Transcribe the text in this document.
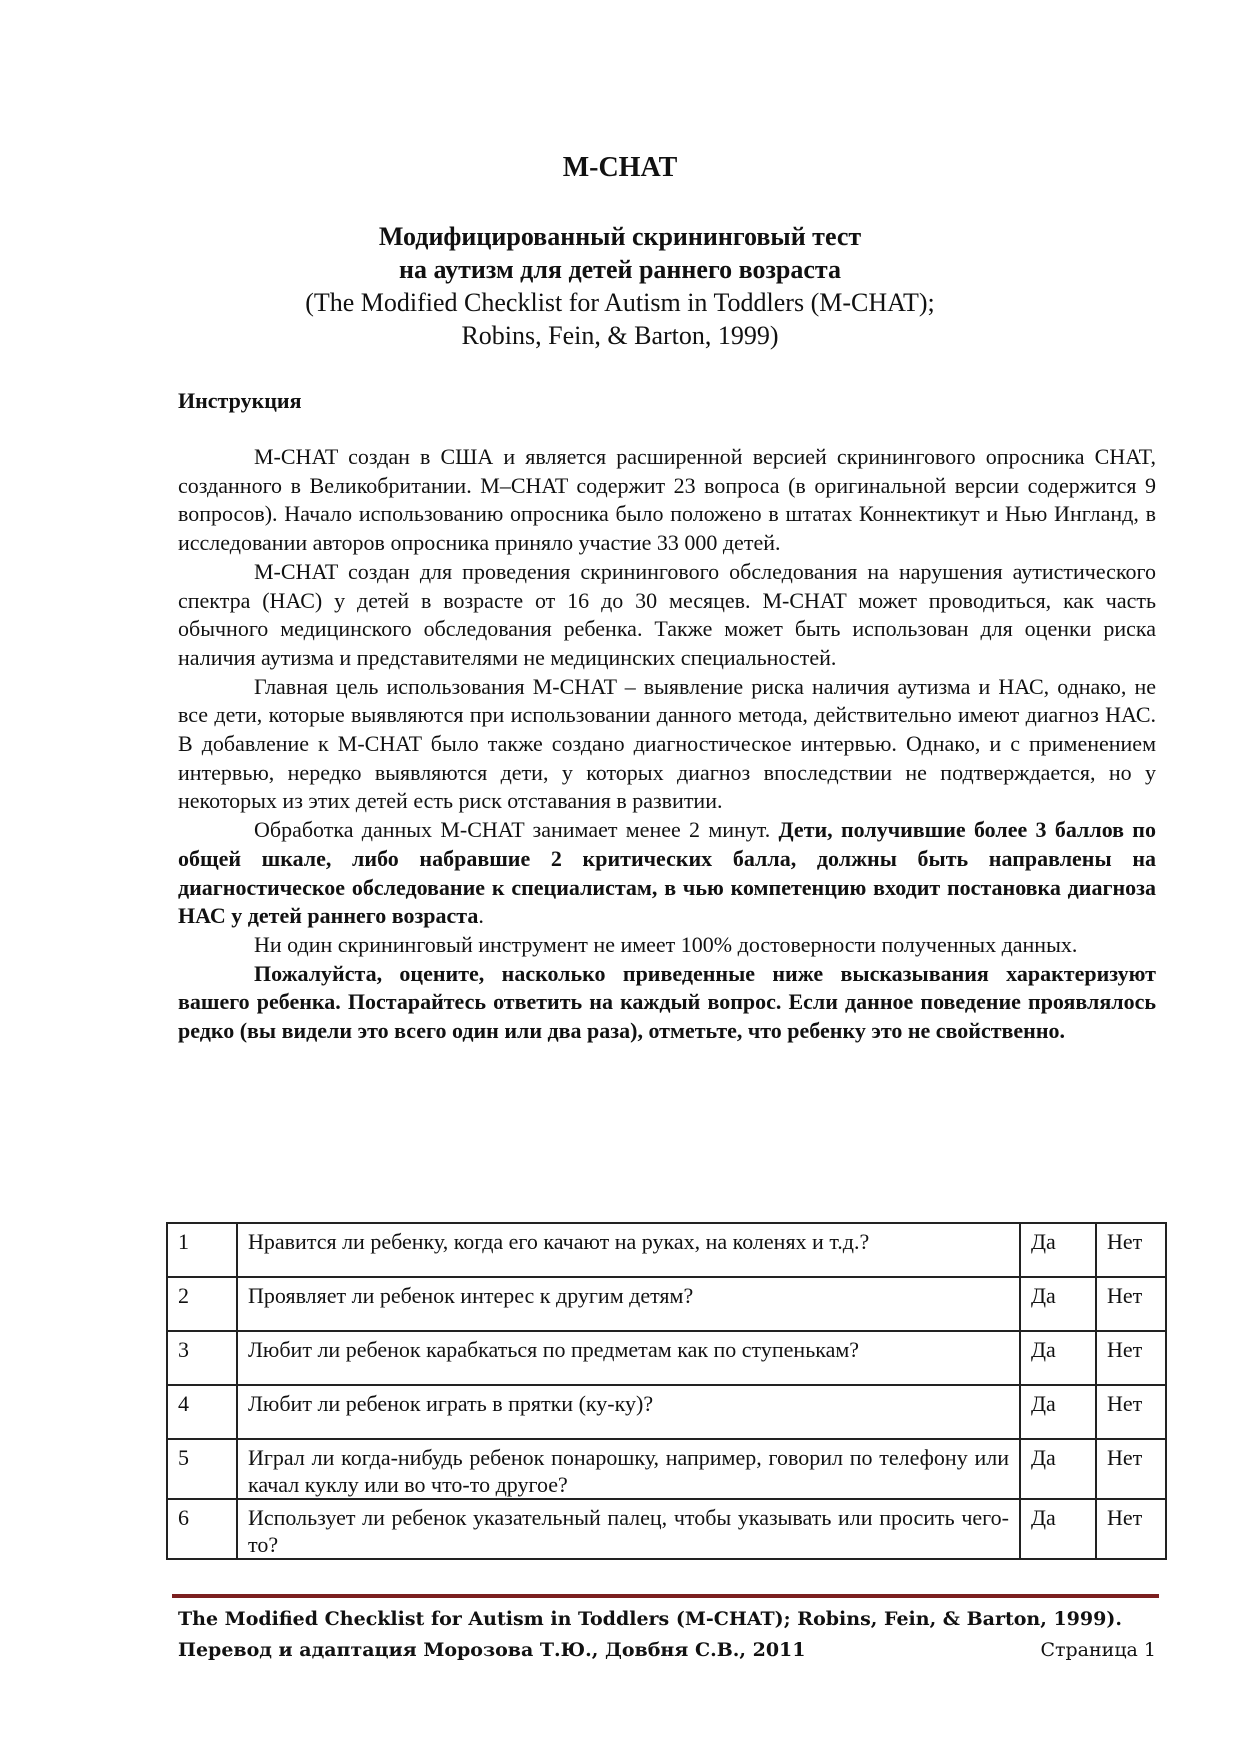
M-CHAT
Модифицированный скрининговый тест
на аутизм для детей раннего возраста
(The Modified Checklist for Autism in Toddlers (M-CHAT);
Robins, Fein, & Barton, 1999)
Инструкция

M-CHAT создан в США и является расширенной версией скринингового опросника CHAT, созданного в Великобритании. M–CHAT содержит 23 вопроса (в оригинальной версии содержится 9 вопросов). Начало использованию опросника было положено в штатах Коннектикут и Нью Ингланд, в исследовании авторов опросника приняло участие 33 000 детей.

M-CHAT создан для проведения скринингового обследования на нарушения аутистического спектра (НАС) у детей в возрасте от 16 до 30 месяцев. M-CHAT может проводиться, как часть обычного медицинского обследования ребенка. Также может быть использован для оценки риска наличия аутизма и представителями не медицинских специальностей.

Главная цель использования M-CHAT – выявление риска наличия аутизма и НАС, однако, не все дети, которые выявляются при использовании данного метода, действительно имеют диагноз НАС. В добавление к M-CHAT было также создано диагностическое интервью. Однако, и с применением интервью, нередко выявляются дети, у которых диагноз впоследствии не подтверждается, но у некоторых из этих детей есть риск отставания в развитии.

Обработка данных M-CHAT занимает менее 2 минут. Дети, получившие более 3 баллов по общей шкале, либо набравшие 2 критических балла, должны быть направлены на диагностическое обследование к специалистам, в чью компетенцию входит постановка диагноза НАС у детей раннего возраста.

Ни один скрининговый инструмент не имеет 100% достоверности полученных данных.

Пожалуйста, оцените, насколько приведенные ниже высказывания характеризуют вашего ребенка. Постарайтесь ответить на каждый вопрос. Если данное поведение проявлялось редко (вы видели это всего один или два раза), отметьте, что ребенку это не свойственно.

1	Нравится ли ребенку, когда его качают на руках, на коленях и т.д.?	Да	Нет
2	Проявляет ли ребенок интерес к другим детям?	Да	Нет
3	Любит ли ребенок карабкаться по предметам как по ступенькам?	Да	Нет
4	Любит ли ребенок играть в прятки (ку-ку)?	Да	Нет
5	Играл ли когда-нибудь ребенок понарошку, например, говорил по телефону или качал куклу или во что-то другое?	Да	Нет
6	Использует ли ребенок указательный палец, чтобы указывать или просить чего-то?	Да	Нет
The Modified Checklist for Autism in Toddlers (M-CHAT); Robins, Fein, & Barton, 1999).
Перевод и адаптация Морозова Т.Ю., Довбня С.В., 2011	Страница 1
